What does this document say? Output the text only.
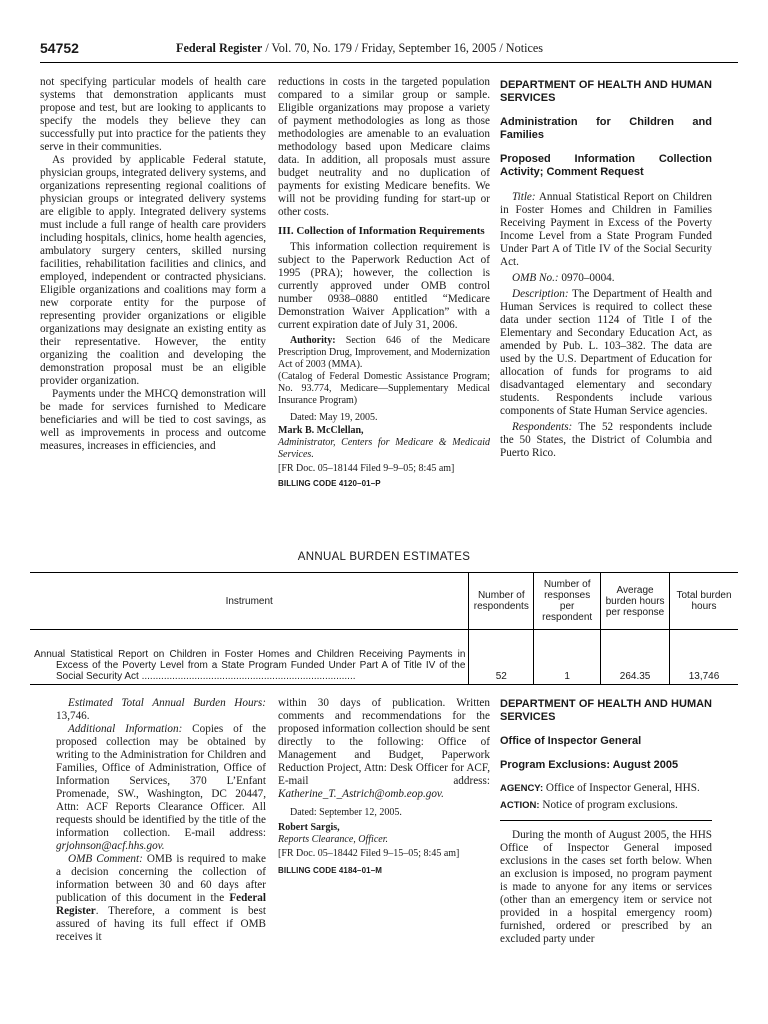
54752	Federal Register / Vol. 70, No. 179 / Friday, September 16, 2005 / Notices

not specifying particular models of health care systems that demonstration applicants must propose and test, but are looking to applicants to specify the models they believe they can successfully put into practice for the patients they serve in their communities.

As provided by applicable Federal statute, physician groups, integrated delivery systems, and organizations representing regional coalitions of physician groups or integrated delivery systems are eligible to apply. Integrated delivery systems must include a full range of health care providers including hospitals, clinics, home health agencies, ambulatory surgery centers, skilled nursing facilities, rehabilitation facilities and clinics, and employed, independent or contracted physicians. Eligible organizations and coalitions may form a new corporate entity for the purpose of representing provider organizations or eligible organizations may designate an existing entity as their representative. However, the entity organizing the coalition and developing the demonstration proposal must be an eligible provider organization.

Payments under the MHCQ demonstration will be made for services furnished to Medicare beneficiaries and will be tied to cost savings, as well as improvements in process and outcome measures, increases in efficiencies, and

reductions in costs in the targeted population compared to a similar group or sample. Eligible organizations may propose a variety of payment methodologies as long as those methodologies are amenable to an evaluation methodology based upon Medicare claims data. In addition, all proposals must assure budget neutrality and no duplication of payments for existing Medicare benefits. We will not be providing funding for start-up or other costs.

III. Collection of Information Requirements

This information collection requirement is subject to the Paperwork Reduction Act of 1995 (PRA); however, the collection is currently approved under OMB control number 0938–0880 entitled “Medicare Demonstration Waiver Application” with a current expiration date of July 31, 2006.

Authority: Section 646 of the Medicare Prescription Drug, Improvement, and Modernization Act of 2003 (MMA).

(Catalog of Federal Domestic Assistance Program; No. 93.774, Medicare—Supplementary Medical Insurance Program)

Dated: May 19, 2005.

Mark B. McClellan,

Administrator, Centers for Medicare & Medicaid Services.

[FR Doc. 05–18144 Filed 9–9–05; 8:45 am]

BILLING CODE 4120–01–P

DEPARTMENT OF HEALTH AND HUMAN SERVICES

Administration for Children and Families

Proposed Information Collection Activity; Comment Request

Title: Annual Statistical Report on Children in Foster Homes and Children in Families Receiving Payment in Excess of the Poverty Income Level from a State Program Funded Under Part A of Title IV of the Social Security Act.

OMB No.: 0970–0004.

Description: The Department of Health and Human Services is required to collect these data under section 1124 of Title I of the Elementary and Secondary Education Act, as amended by Pub. L. 103–382. The data are used by the U.S. Department of Education for allocation of funds for programs to aid disadvantaged elementary and secondary students. Respondents include various components of State Human Service agencies.

Respondents: The 52 respondents include the 50 States, the District of Columbia and Puerto Rico.

ANNUAL BURDEN ESTIMATES
Instrument	Number of respondents	Number of responses per respondent	Average burden hours per response	Total burden hours
Annual Statistical Report on Children in Foster Homes and Children Receiving Payments in Excess of the Poverty Level from a State Program Funded Under Part A of Title IV of the Social Security Act .............................................................................	52	1	264.35	13,746

Estimated Total Annual Burden Hours: 13,746.

Additional Information: Copies of the proposed collection may be obtained by writing to the Administration for Children and Families, Office of Administration, Office of Information Services, 370 L’Enfant Promenade, SW., Washington, DC 20447, Attn: ACF Reports Clearance Officer. All requests should be identified by the title of the information collection. E-mail address: grjohnson@acf.hhs.gov.

OMB Comment: OMB is required to make a decision concerning the collection of information between 30 and 60 days after publication of this document in the Federal Register. Therefore, a comment is best assured of having its full effect if OMB receives it

within 30 days of publication. Written comments and recommendations for the proposed information collection should be sent directly to the following: Office of Management and Budget, Paperwork Reduction Project, Attn: Desk Officer for ACF, E-mail address: Katherine_T._Astrich@omb.eop.gov.

Dated: September 12, 2005.

Robert Sargis,

Reports Clearance, Officer.

[FR Doc. 05–18442 Filed 9–15–05; 8:45 am]

BILLING CODE 4184–01–M

DEPARTMENT OF HEALTH AND HUMAN SERVICES

Office of Inspector General

Program Exclusions: August 2005

AGENCY: Office of Inspector General, HHS.

ACTION: Notice of program exclusions.

During the month of August 2005, the HHS Office of Inspector General imposed exclusions in the cases set forth below. When an exclusion is imposed, no program payment is made to anyone for any items or services (other than an emergency item or service not provided in a hospital emergency room) furnished, ordered or prescribed by an excluded party under
